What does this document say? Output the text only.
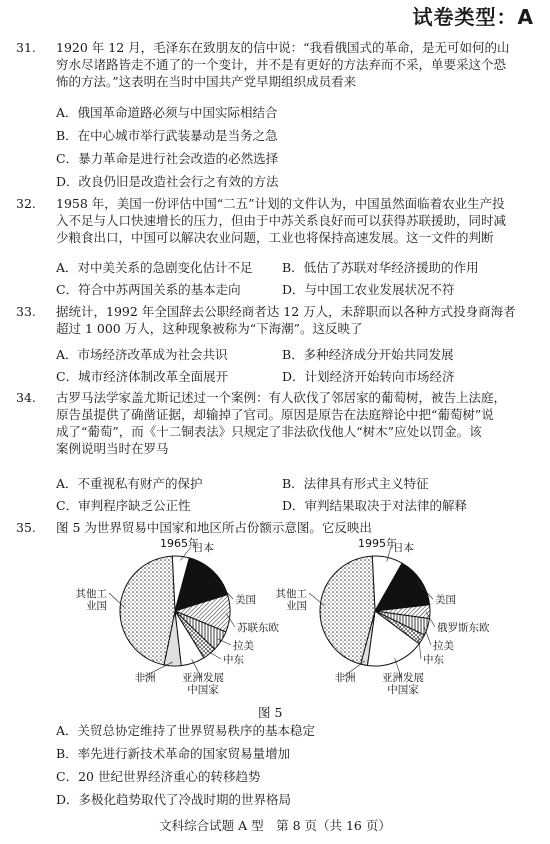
试卷类型：A
31. 1920 年 12 月，毛泽东在致朋友的信中说：“我看俄国式的革命，是无可如何的山
穷水尽诸路皆走不通了的一个变计，并不是有更好的方法弃而不采，单要采这个恐
怖的方法。”这表明在当时中国共产党早期组织成员看来
A．俄国革命道路必须与中国实际相结合
B．在中心城市举行武装暴动是当务之急
C．暴力革命是进行社会改造的必然选择
D．改良仍旧是改造社会行之有效的方法
32. 1958 年，美国一份评估中国“二五”计划的文件认为，中国虽然面临着农业生产投
入不足与人口快速增长的压力，但由于中苏关系良好而可以获得苏联援助，同时减
少粮食出口，中国可以解决农业问题，工业也将保持高速发展。这一文件的判断
A．对中美关系的急剧变化估计不足 B．低估了苏联对华经济援助的作用
C．符合中苏两国关系的基本走向	D．与中国工农业发展状况不符
33. 据统计，1992 年全国辞去公职经商者达 12 万人，未辞职而以各种方式投身商海者
超过 1 000 万人，这种现象被称为“下海潮”。这反映了
A．市场经济改革成为社会共识	B．多种经济成分开始共同发展
C．城市经济体制改革全面展开	D．计划经济开始转向市场经济
34. 古罗马法学家盖尤斯记述过一个案例：有人砍伐了邻居家的葡萄树，被告上法庭，
原告虽提供了确凿证据，却输掉了官司。原因是原告在法庭辩论中把“葡萄树”说
成了“葡萄”，而《十二铜表法》只规定了非法砍伐他人“树木”应处以罚金。该
案例说明当时在罗马
A．不重视私有财产的保护	B．法律具有形式主义特征
C．审判程序缺乏公正性	D．审判结果取决于对法律的解释
35. 图 5 为世界贸易中国家和地区所占份额示意图。它反映出
日本
美国
苏联东欧
拉美
中东
亚洲发展
中国家
非洲
其他工
业国
1965年	日本
美国
俄罗斯东欧
拉美
中东
亚洲发展
中国家
非洲
其他工
业国
1995年
图 5
A．关贸总协定维持了世界贸易秩序的基本稳定
B．率先进行新技术革命的国家贸易量增加
C．20 世纪世界经济重心的转移趋势
D．多极化趋势取代了冷战时期的世界格局
文科综合试题 A 型　第 8 页（共 16 页）
